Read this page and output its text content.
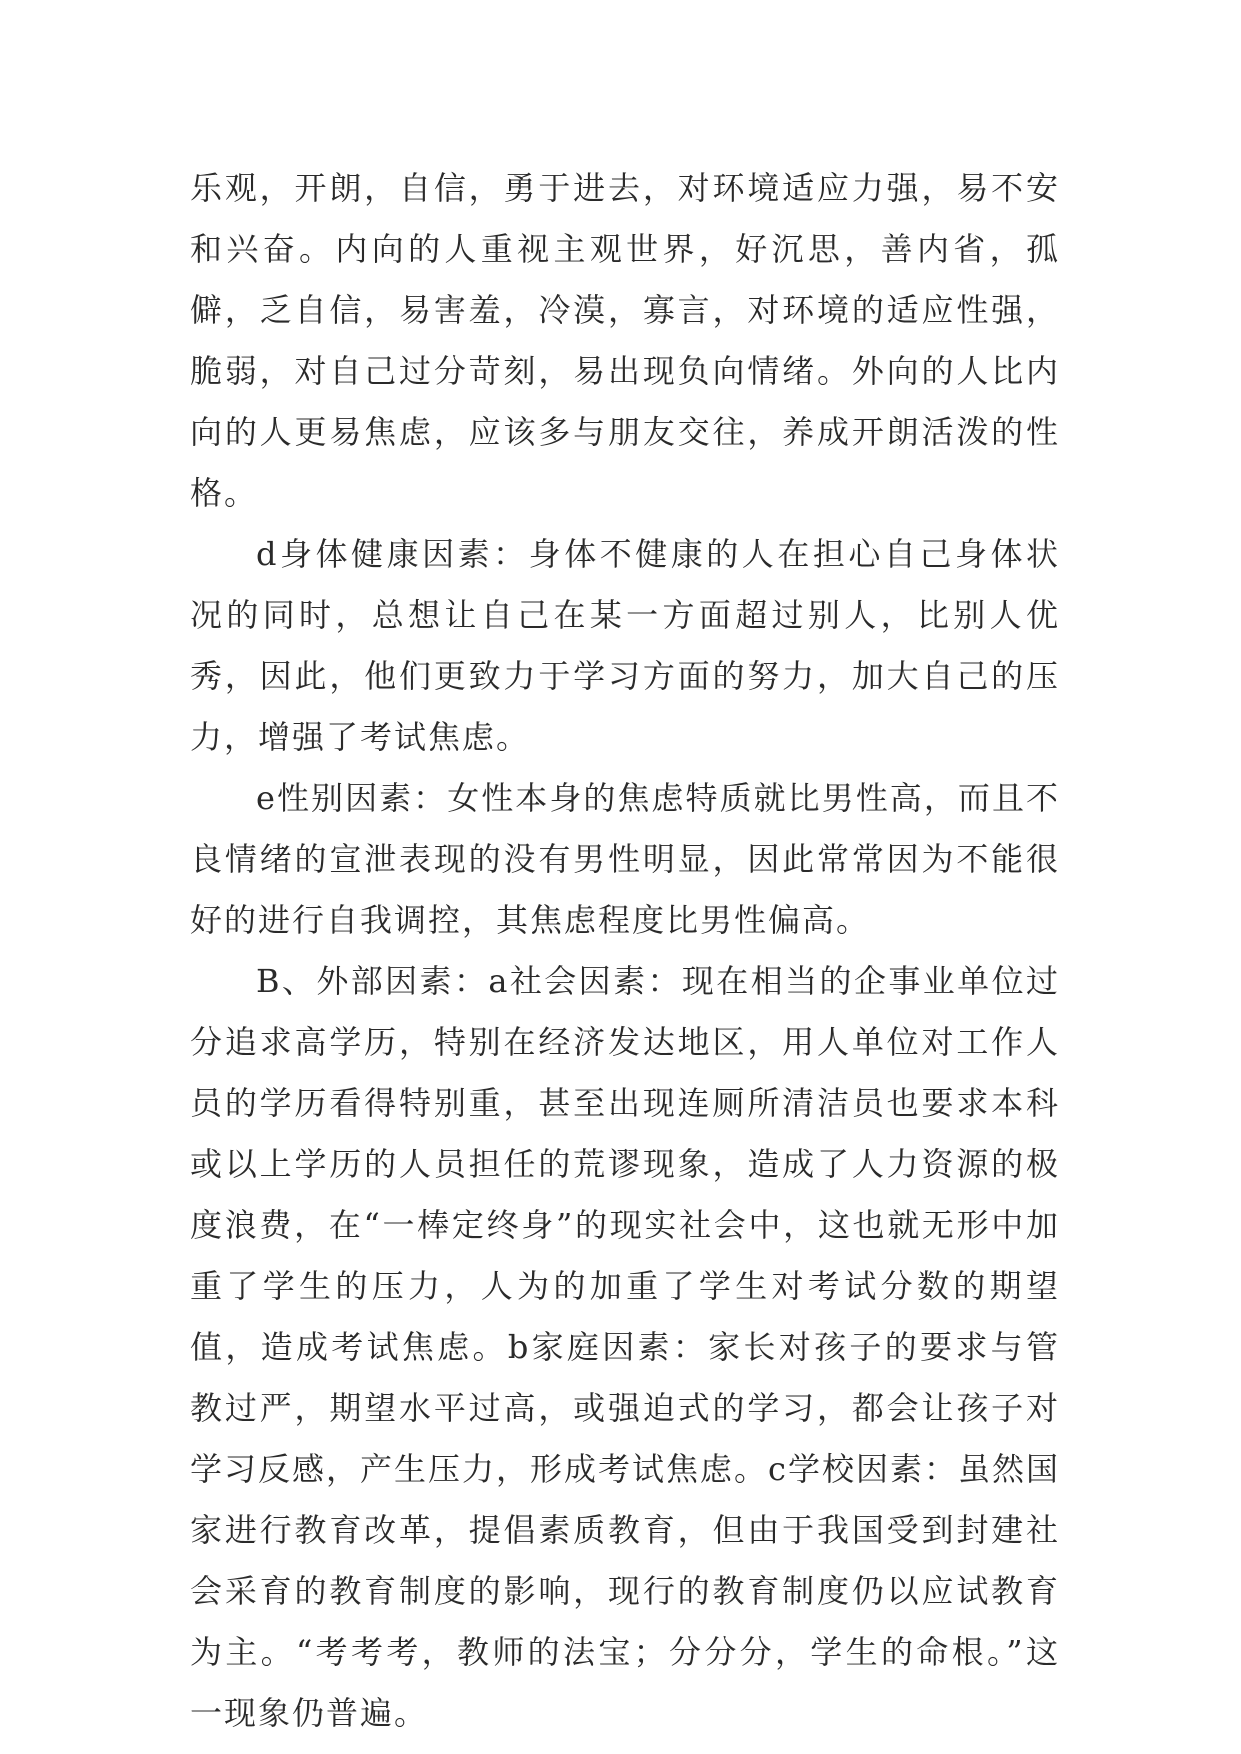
乐观，开朗，自信，勇于进去，对环境适应力强，易不安和兴奋。内向的人重视主观世界，好沉思，善内省，孤僻，乏自信，易害羞，冷漠，寡言，对环境的适应性强，脆弱，对自己过分苛刻，易出现负向情绪。外向的人比内向的人更易焦虑，应该多与朋友交往，养成开朗活泼的性格。

d身体健康因素：身体不健康的人在担心自己身体状况的同时，总想让自己在某一方面超过别人，比别人优秀，因此，他们更致力于学习方面的努力，加大自己的压力，增强了考试焦虑。

e性别因素：女性本身的焦虑特质就比男性高，而且不良情绪的宣泄表现的没有男性明显，因此常常因为不能很好的进行自我调控，其焦虑程度比男性偏高。

B、外部因素：a社会因素：现在相当的企事业单位过分追求高学历，特别在经济发达地区，用人单位对工作人员的学历看得特别重，甚至出现连厕所清洁员也要求本科或以上学历的人员担任的荒谬现象，造成了人力资源的极度浪费，在“一棒定终身”的现实社会中，这也就无形中加重了学生的压力，人为的加重了学生对考试分数的期望值，造成考试焦虑。b家庭因素：家长对孩子的要求与管教过严，期望水平过高，或强迫式的学习，都会让孩子对学习反感，产生压力，形成考试焦虑。c学校因素：虽然国家进行教育改革，提倡素质教育，但由于我国受到封建社会采育的教育制度的影响，现行的教育制度仍以应试教育为主。“考考考，教师的法宝；分分分，学生的命根。”这一现象仍普遍。
